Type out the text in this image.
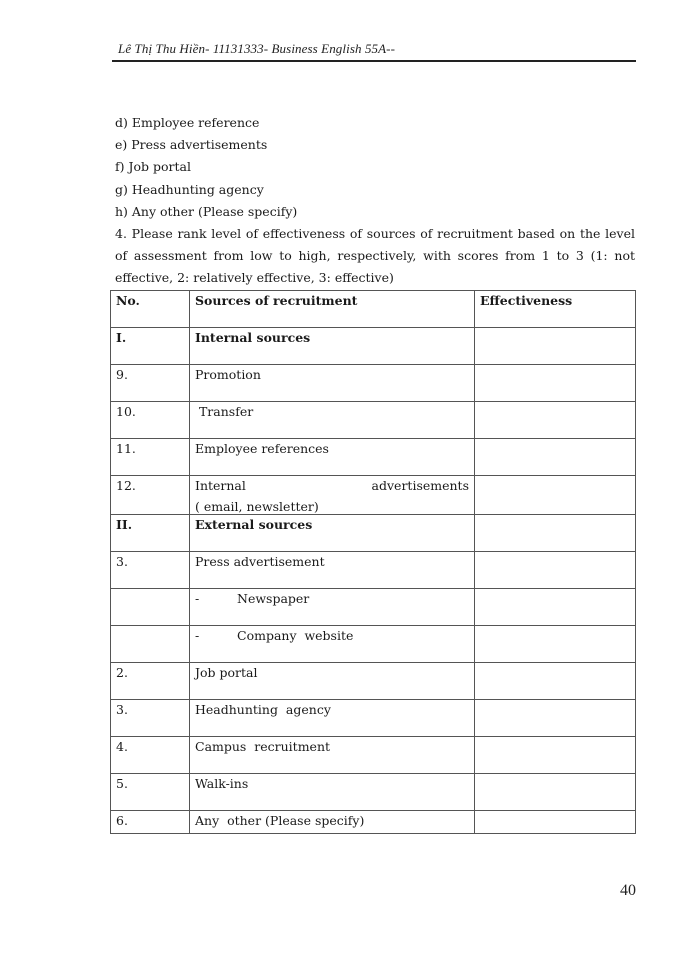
Lê Thị Thu Hiền- 11131333- Business English 55A--
d) Employee reference
e) Press advertisements
f) Job portal
g) Headhunting agency
h) Any other (Please specify)
4. Please rank level of effectiveness of sources of recruitment based on the level of assessment from low to high, respectively, with scores from 1 to 3 (1: not effective, 2: relatively effective, 3: effective)
No.	Sources of recruitment	Effectiveness
I.	Internal sources	
9.	Promotion	
10.	Transfer	
11.	Employee references	
12.	Internal advertisements
( email, newsletter)	

II.	External sources	
3.	Press advertisement	

	- Newspaper	

	- Company  website	

2.	Job portal	
3.	Headhunting  agency	
4.	Campus  recruitment	
5.	Walk-ins	
6.	Any  other (Please specify)	
40
